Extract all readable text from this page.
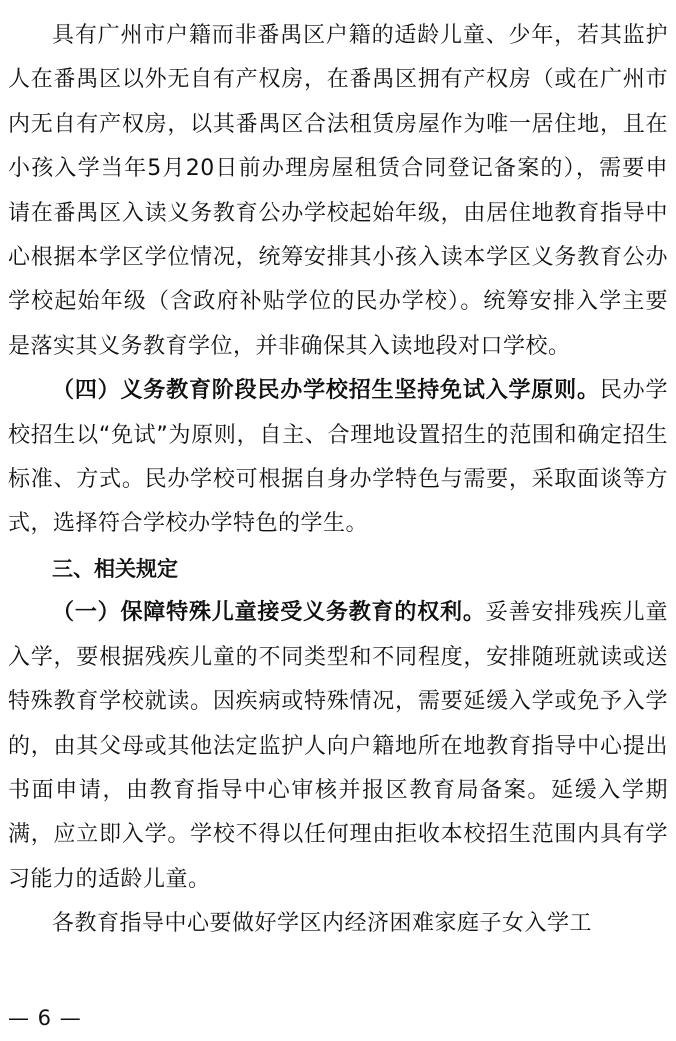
具有广州市户籍而非番禺区户籍的适龄儿童、少年，若其监护人在番禺区以外无自有产权房，在番禺区拥有产权房（或在广州市内无自有产权房，以其番禺区合法租赁房屋作为唯一居住地，且在小孩入学当年5月20日前办理房屋租赁合同登记备案的），需要申请在番禺区入读义务教育公办学校起始年级，由居住地教育指导中心根据本学区学位情况，统筹安排其小孩入读本学区义务教育公办学校起始年级（含政府补贴学位的民办学校）。统筹安排入学主要是落实其义务教育学位，并非确保其入读地段对口学校。

（四）义务教育阶段民办学校招生坚持免试入学原则。民办学校招生以“免试”为原则，自主、合理地设置招生的范围和确定招生标准、方式。民办学校可根据自身办学特色与需要，采取面谈等方式，选择符合学校办学特色的学生。

三、相关规定

（一）保障特殊儿童接受义务教育的权利。妥善安排残疾儿童入学，要根据残疾儿童的不同类型和不同程度，安排随班就读或送特殊教育学校就读。因疾病或特殊情况，需要延缓入学或免予入学的，由其父母或其他法定监护人向户籍地所在地教育指导中心提出书面申请，由教育指导中心审核并报区教育局备案。延缓入学期满，应立即入学。学校不得以任何理由拒收本校招生范围内具有学习能力的适龄儿童。

各教育指导中心要做好学区内经济困难家庭子女入学工

— 6 —
